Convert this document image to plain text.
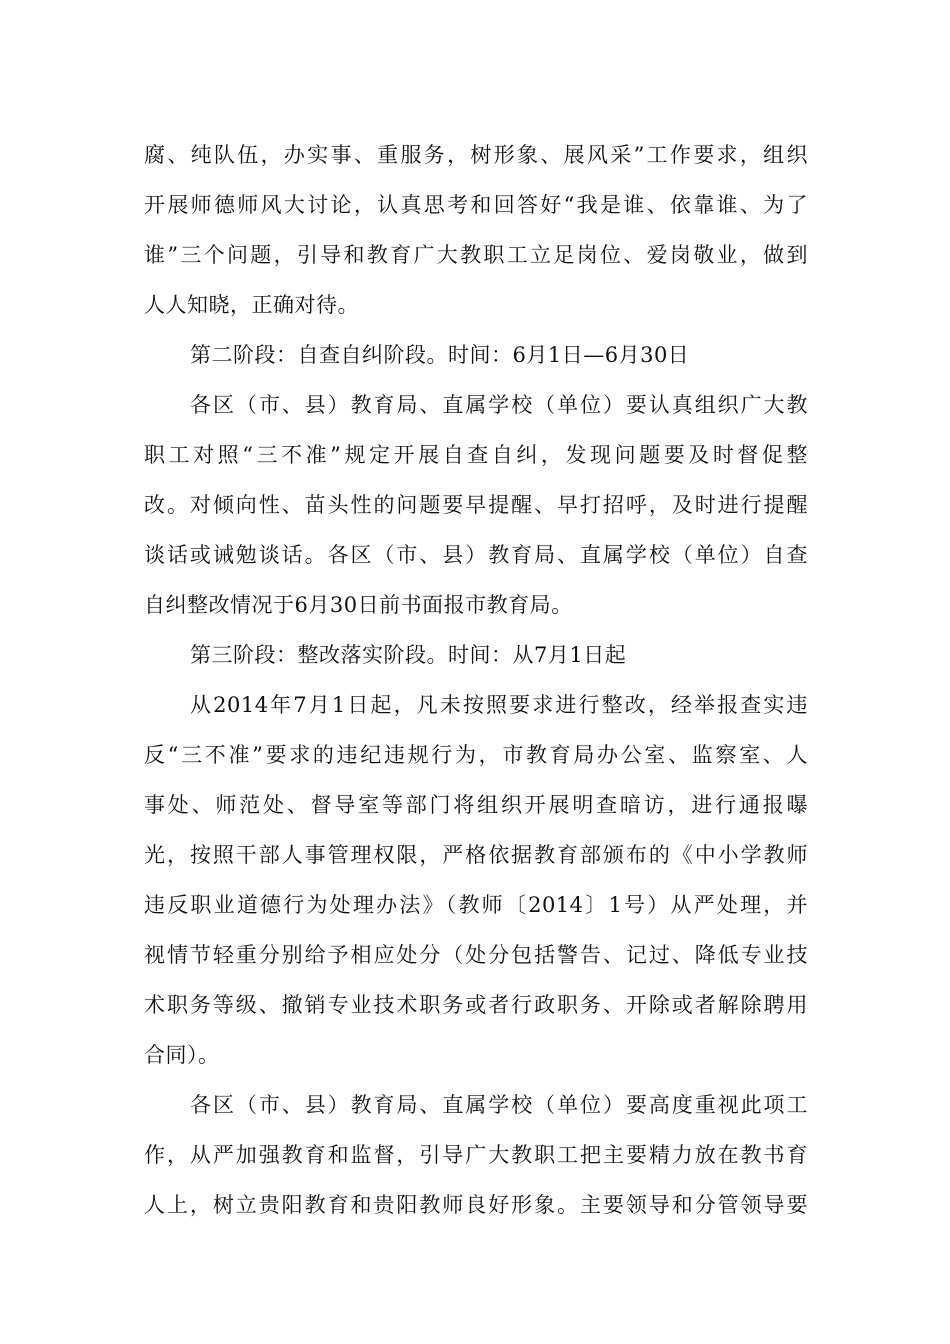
腐、纯队伍，办实事、重服务，树形象、展风采”工作要求，组织
开展师德师风大讨论，认真思考和回答好“我是谁、依靠谁、为了
谁”三个问题，引导和教育广大教职工立足岗位、爱岗敬业，做到
人人知晓，正确对待。
第二阶段：自查自纠阶段。时间：6月1日—6月30日
各区（市、县）教育局、直属学校（单位）要认真组织广大教
职工对照“三不准”规定开展自查自纠，发现问题要及时督促整
改。对倾向性、苗头性的问题要早提醒、早打招呼，及时进行提醒
谈话或诫勉谈话。各区（市、县）教育局、直属学校（单位）自查
自纠整改情况于6月30日前书面报市教育局。
第三阶段：整改落实阶段。时间：从7月1日起
从2014年7月1日起，凡未按照要求进行整改，经举报查实违
反“三不准”要求的违纪违规行为，市教育局办公室、监察室、人
事处、师范处、督导室等部门将组织开展明查暗访，进行通报曝
光，按照干部人事管理权限，严格依据教育部颁布的《中小学教师
违反职业道德行为处理办法》（教师〔2014〕1号）从严处理，并
视情节轻重分别给予相应处分（处分包括警告、记过、降低专业技
术职务等级、撤销专业技术职务或者行政职务、开除或者解除聘用
合同）。
各区（市、县）教育局、直属学校（单位）要高度重视此项工
作，从严加强教育和监督，引导广大教职工把主要精力放在教书育
人上，树立贵阳教育和贵阳教师良好形象。主要领导和分管领导要
